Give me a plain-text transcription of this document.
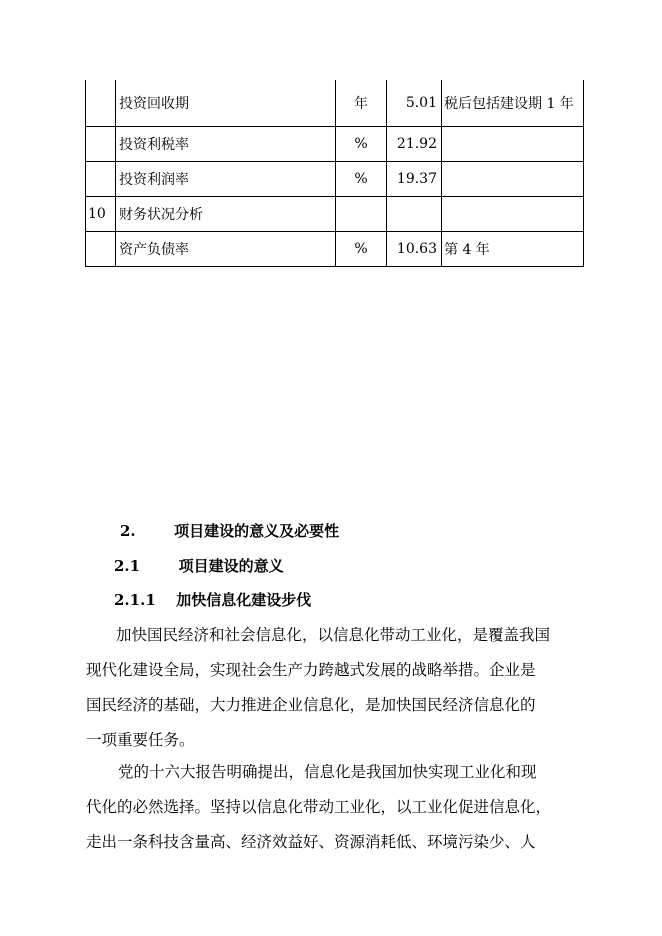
	投资回收期	年	5.01	税后包括建设期 1 年
	投资利税率	%	21.92	
	投资利润率	%	19.37	
10	财务状况分析			
	资产负债率	%	10.63	第 4 年
2.	项目建设的意义及必要性
2.1	项目建设的意义
2.1.1 加快信息化建设步伐
加快国民经济和社会信息化，以信息化带动工业化，是覆盖我国
现代化建设全局，实现社会生产力跨越式发展的战略举措。企业是
国民经济的基础，大力推进企业信息化，是加快国民经济信息化的
一项重要任务。
党的十六大报告明确提出，信息化是我国加快实现工业化和现
代化的必然选择。坚持以信息化带动工业化，以工业化促进信息化，
走出一条科技含量高、经济效益好、资源消耗低、环境污染少、人
